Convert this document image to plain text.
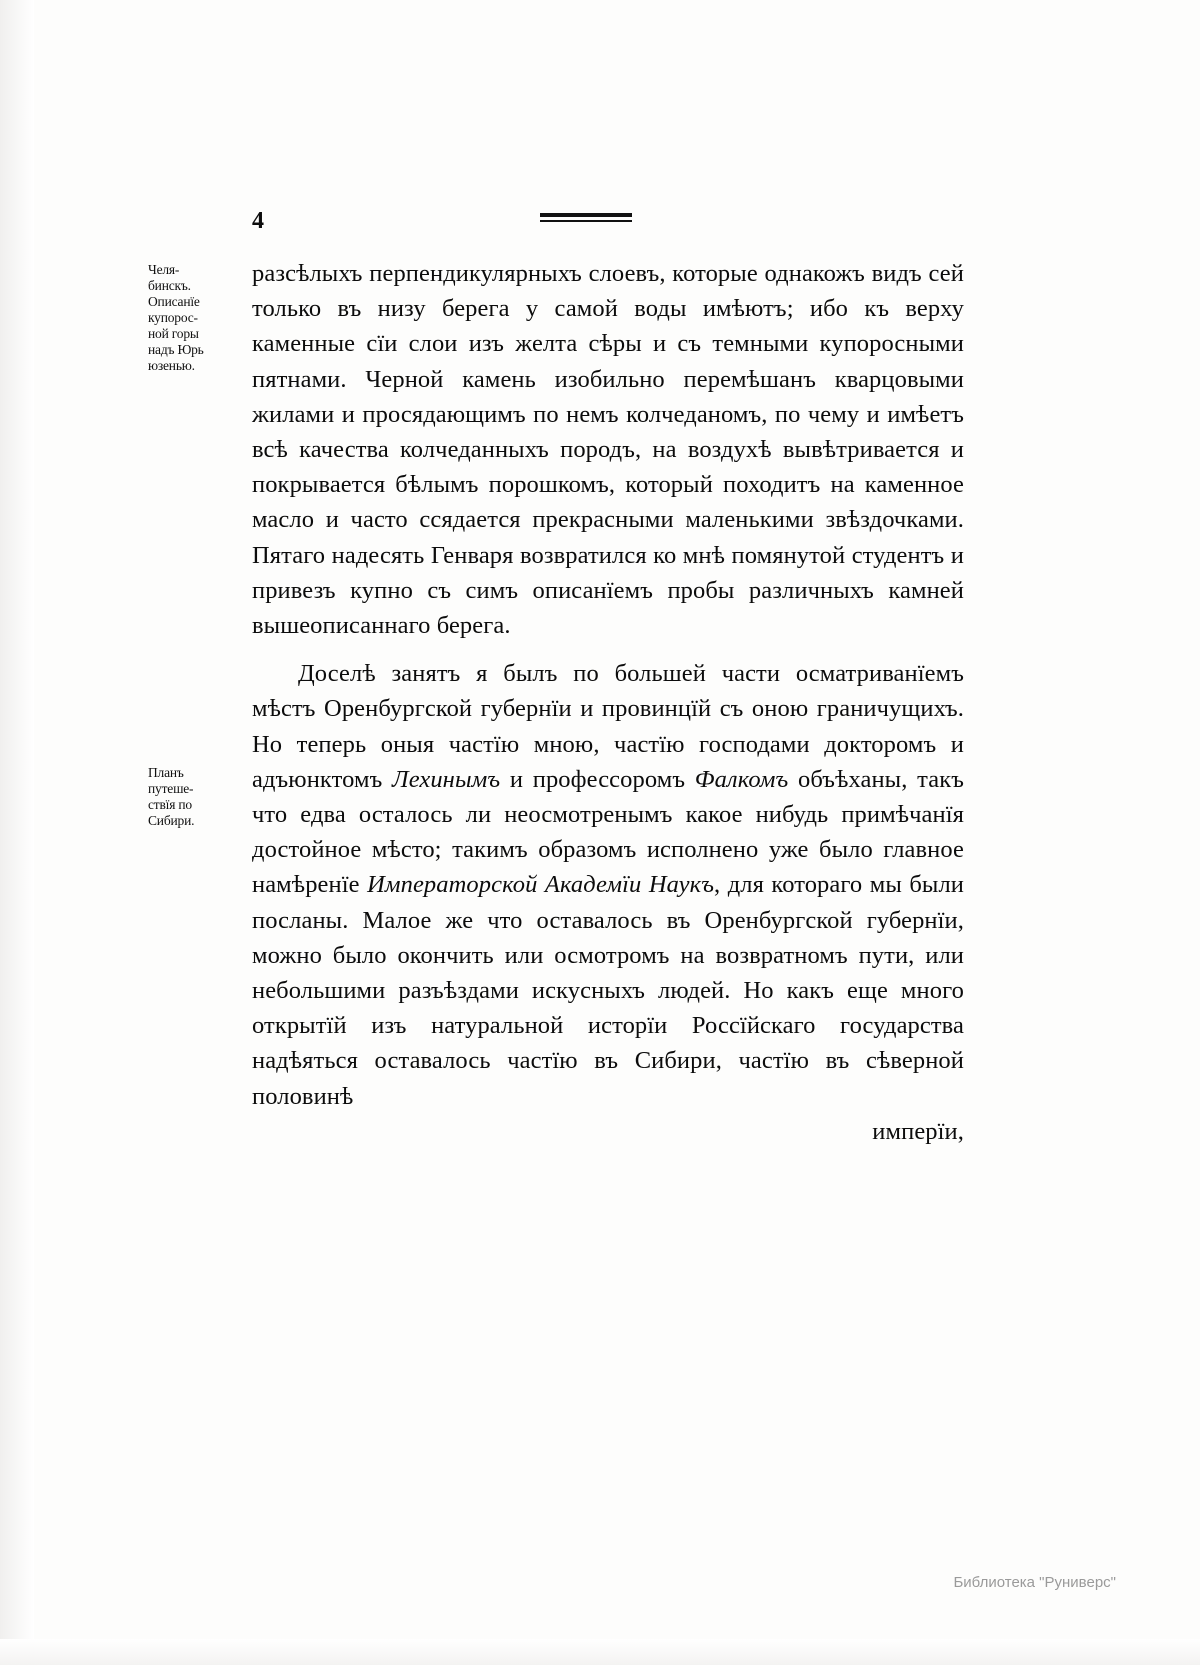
4
Челя-
бинскъ.
Описанїе
купорос-
ной горы
надъ Юрь
юзенью.
Планъ
путеше-
ствїя по
Сибири.

разсѣлыхъ перпендикулярныхъ слоевъ, которые однакожъ видъ сей только въ низу берега у самой воды имѣютъ; ибо къ верху каменные сїи слои изъ желта сѣры и съ темными купоросными пятнами. Черной камень изобильно перемѣшанъ кварцовыми жилами и просядающимъ по немъ колчеданомъ, по чему и имѣетъ всѣ качества колчеданныхъ породъ, на воздухѣ вывѣтривается и покрывается бѣлымъ порошкомъ, который походитъ на каменное масло и часто ссядается прекрасными маленькими звѣздочками. Пятаго надесять Генваря возвратился ко мнѣ помянутой студентъ и привезъ купно съ симъ описанїемъ пробы различныхъ камней вышеописаннаго берега.

Доселѣ занятъ я былъ по большей части осматриванїемъ мѣстъ Оренбургской губернїи и провинцїй съ оною граничущихъ. Но теперь оныя частїю мною, частїю господами докторомъ и адъюнктомъ Лехинымъ и профессоромъ Фалкомъ объѣханы, такъ что едва осталось ли неосмотренымъ какое нибудь примѣчанїя достойное мѣсто; такимъ образомъ исполнено уже было главное намѣренїе Императорской Академїи Наукъ, для котораго мы были посланы. Малое же что оставалось въ Оренбургской губернїи, можно было окончить или осмотромъ на возвратномъ пути, или небольшими разъѣздами искусныхъ людей. Но какъ еще много открытїй изъ натуральной исторїи Россїйскаго государства надѣяться оставалось частїю въ Сибири, частїю въ сѣверной половинѣ

имперїи,
Библиотека "Руниверс"
